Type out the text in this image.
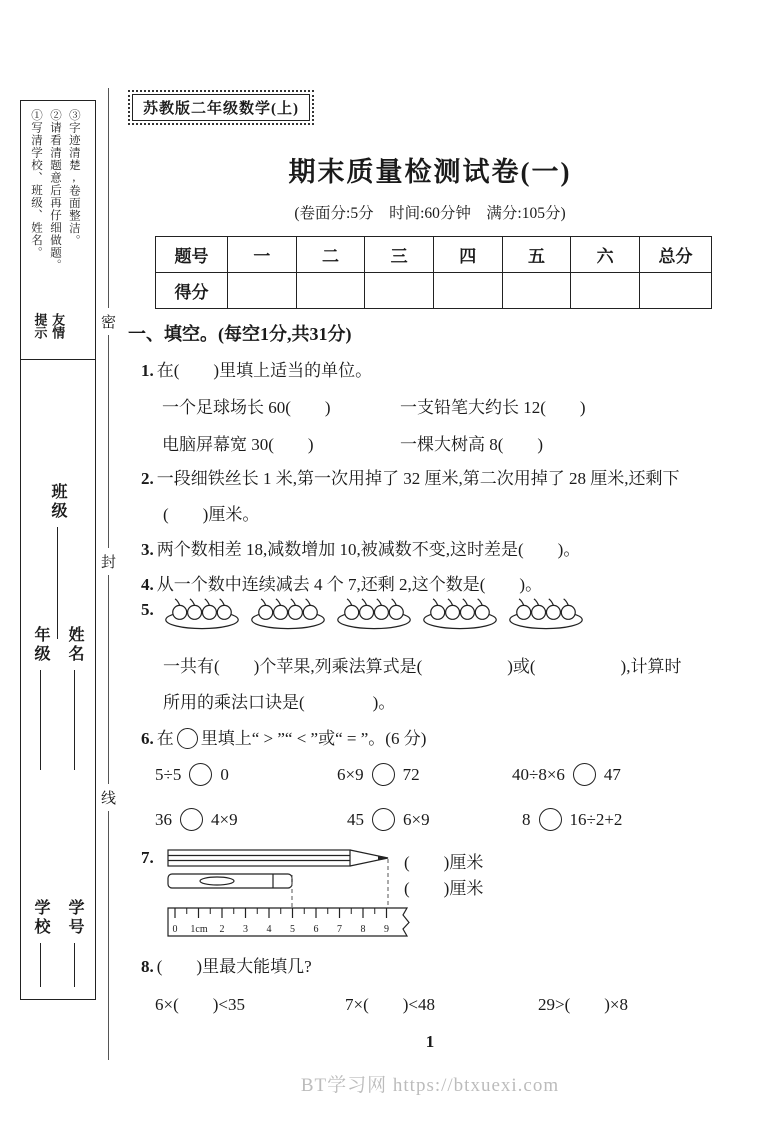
①写清学校、班级、姓名。 ②请看清题意后再仔细做题。 ③字迹清楚,卷面整洁。
友情提示
班级
年级 姓名
学校 学号
密
封
线
苏教版二年级数学(上)
期末质量检测试卷(一)
(卷面分:5分　时间:60分钟　满分:105分)
题号	一	二	三	四	五	六	总分
得分							
一、填空。(每空1分,共31分)
1. 在(　　)里填上适当的单位。
一个足球场长 60(　　)	一支铅笔大约长 12(　　)
电脑屏幕宽 30(　　)	一棵大树高 8(　　)
2. 一段细铁丝长 1 米,第一次用掉了 32 厘米,第二次用掉了 28 厘米,还剩下
(　　)厘米。
3. 两个数相差 18,减数增加 10,被减数不变,这时差是(　　)。
4. 从一个数中连续减去 4 个 7,还剩 2,这个数是(　　)。
5.
一共有(　　)个苹果,列乘法算式是(　　　　　)或(　　　　　),计算时
所用的乘法口诀是(　　　　)。
6. 在 里填上“ > ”“ < ”或“ = ”。(6 分)
5÷5 0	6×9 72	40÷8×6 47
36 4×9	45 6×9	8 16÷2+2
7.
0 1cm 2 3 4 5 6 7 8 9
(　　)厘米
(　　)厘米
8. (　　)里最大能填几?
6×(　　)<35	7×(　　)<48	29>(　　)×8
1
BT学习网 https://btxuexi.com
